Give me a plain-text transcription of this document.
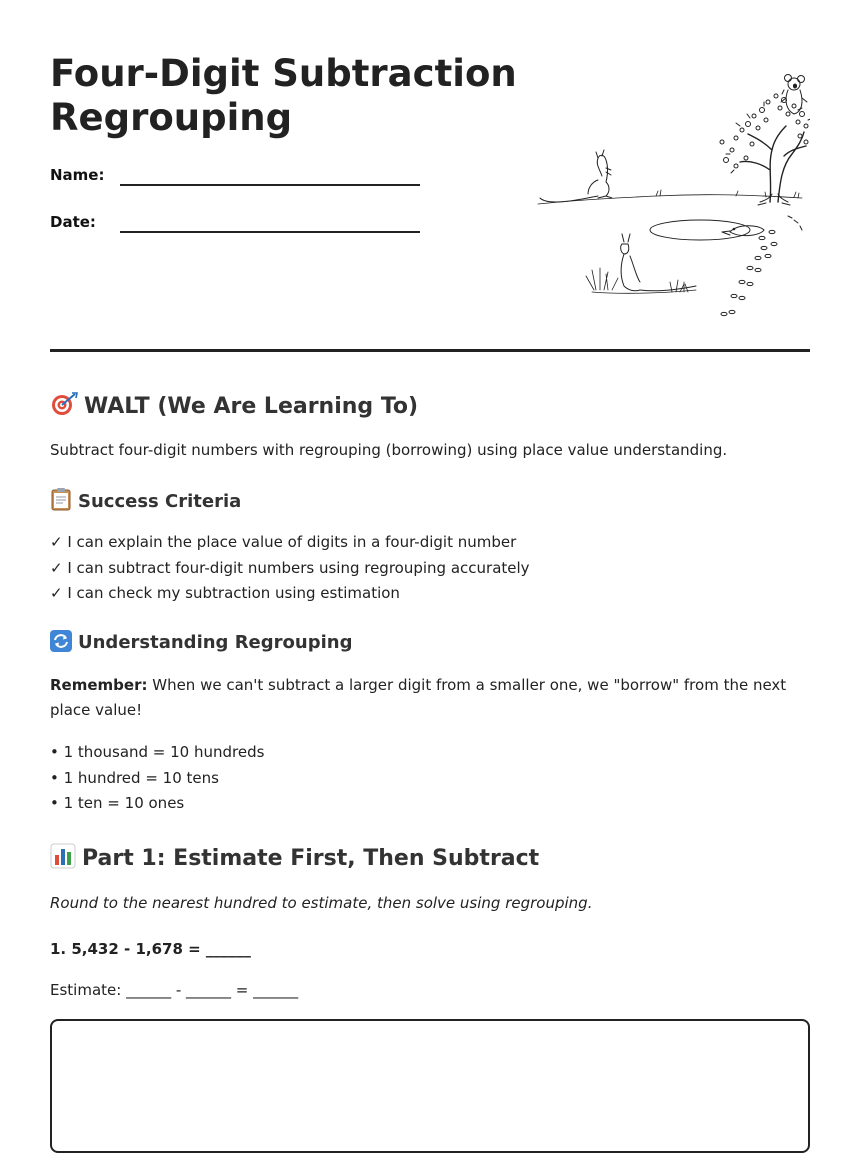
Four-Digit Subtraction Regrouping
Name:
Date:
WALT (We Are Learning To)

Subtract four-digit numbers with regrouping (borrowing) using place value understanding.

Success Criteria
✓ I can explain the place value of digits in a four-digit number
✓ I can subtract four-digit numbers using regrouping accurately
✓ I can check my subtraction using estimation
Understanding Regrouping

Remember: When we can't subtract a larger digit from a smaller one, we "borrow" from the next place value!

• 1 thousand = 10 hundreds
• 1 hundred = 10 tens
• 1 ten = 10 ones
Part 1: Estimate First, Then Subtract

Round to the nearest hundred to estimate, then solve using regrouping.

1. 5,432 - 1,678 = ______

Estimate: ______ - ______ = ______
